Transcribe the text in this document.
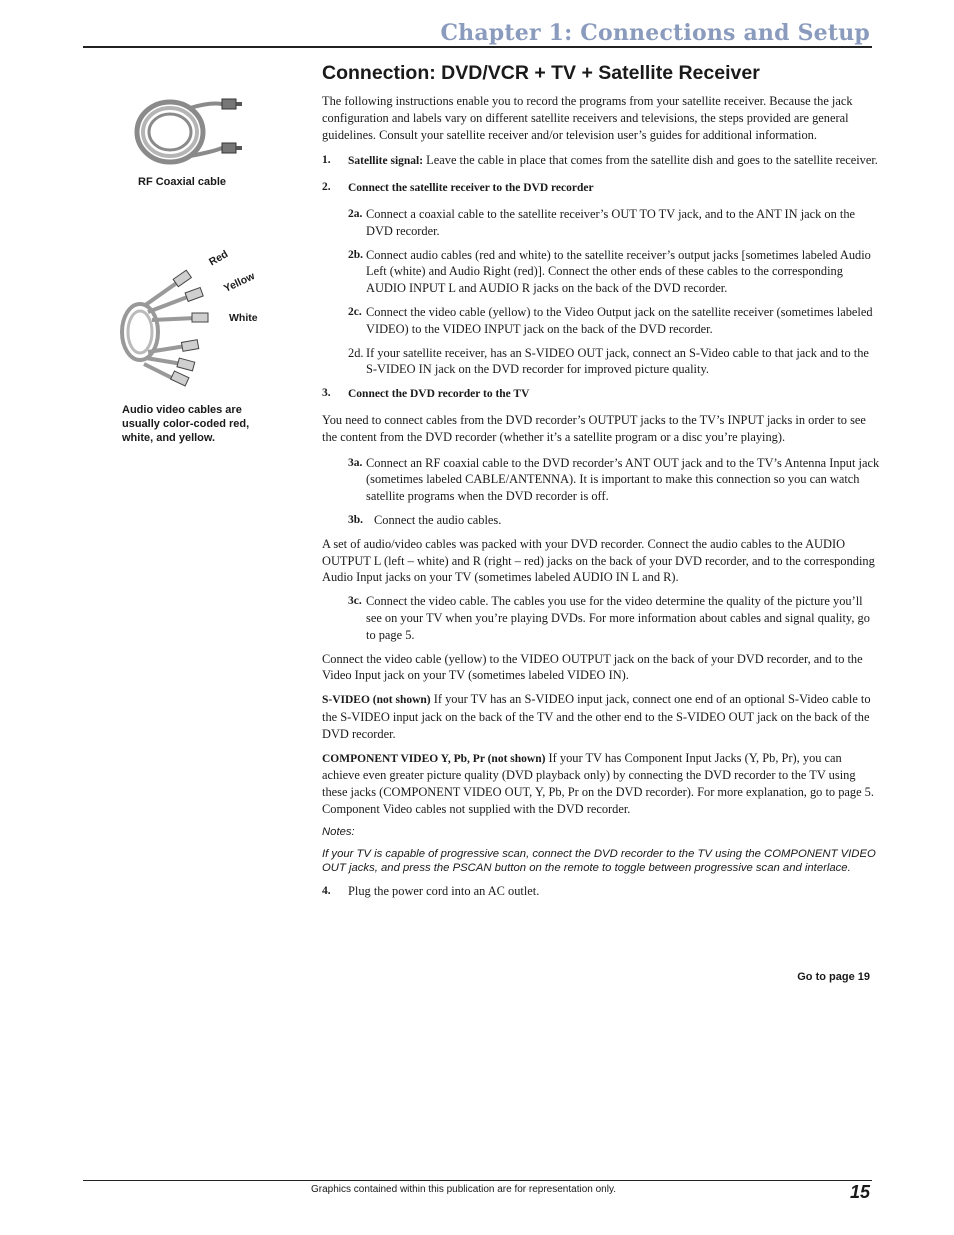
Chapter 1: Connections and Setup
Connection: DVD/VCR + TV + Satellite Receiver
RF Coaxial cable
Red
Yellow
White
Audio video cables are usually color-coded red, white, and yellow.

The following instructions enable you to record the programs from your satellite receiver. Because the jack configuration and labels vary on different satellite receivers and televisions, the steps provided are general guidelines. Consult your satellite receiver and/or television user’s guides for additional information.

1. Satellite signal: Leave the cable in place that comes from the satellite dish and goes to the satellite receiver.
2. Connect the satellite receiver to the DVD recorder
2a. Connect a coaxial cable to the satellite receiver’s OUT TO TV jack, and to the ANT IN jack on the DVD recorder.
2b. Connect audio cables (red and white) to the satellite receiver’s output jacks [sometimes labeled Audio Left (white) and Audio Right (red)]. Connect the other ends of these cables to the corresponding AUDIO INPUT L and AUDIO R jacks on the back of the DVD recorder.
2c. Connect the video cable (yellow) to the Video Output jack on the satellite receiver (sometimes labeled VIDEO) to the VIDEO INPUT jack on the back of the DVD recorder.
2d. If your satellite receiver, has an S-VIDEO OUT jack, connect an S-Video cable to that jack and to the S-VIDEO IN jack on the DVD recorder for improved picture quality.
3. Connect the DVD recorder to the TV

You need to connect cables from the DVD recorder’s OUTPUT jacks to the TV’s INPUT jacks in order to see the content from the DVD recorder (whether it’s a satellite program or a disc you’re playing).

3a. Connect an RF coaxial cable to the DVD recorder’s ANT OUT jack and to the TV’s Antenna Input jack (sometimes labeled CABLE/ANTENNA). It is important to make this connection so you can watch satellite programs when the DVD recorder is off.
3b. Connect the audio cables.

A set of audio/video cables was packed with your DVD recorder. Connect the audio cables to the AUDIO OUTPUT L (left – white) and R (right – red) jacks on the back of your DVD recorder, and to the corresponding Audio Input jacks on your TV (sometimes labeled AUDIO IN L and R).

3c. Connect the video cable. The cables you use for the video determine the quality of the picture you’ll see on your TV when you’re playing DVDs. For more information about cables and signal quality, go to page 5.

Connect the video cable (yellow) to the VIDEO OUTPUT jack on the back of your DVD recorder, and to the Video Input jack on your TV (sometimes labeled VIDEO IN).

S-VIDEO (not shown) If your TV has an S-VIDEO input jack, connect one end of an optional S-Video cable to the S-VIDEO input jack on the back of the TV and the other end to the S-VIDEO OUT jack on the back of the DVD recorder.

COMPONENT VIDEO Y, Pb, Pr (not shown) If your TV has Component Input Jacks (Y, Pb, Pr), you can achieve even greater picture quality (DVD playback only) by connecting the DVD recorder to the TV using these jacks (COMPONENT VIDEO OUT, Y, Pb, Pr on the DVD recorder). For more explanation, go to page 5. Component Video cables not supplied with the DVD recorder.

Notes:

If your TV is capable of progressive scan, connect the DVD recorder to the TV using the COMPONENT VIDEO OUT jacks, and press the PSCAN button on the remote to toggle between progressive scan and interlace.

4. Plug the power cord into an AC outlet.
Go to page 19
Graphics contained within this publication are for representation only.	15
